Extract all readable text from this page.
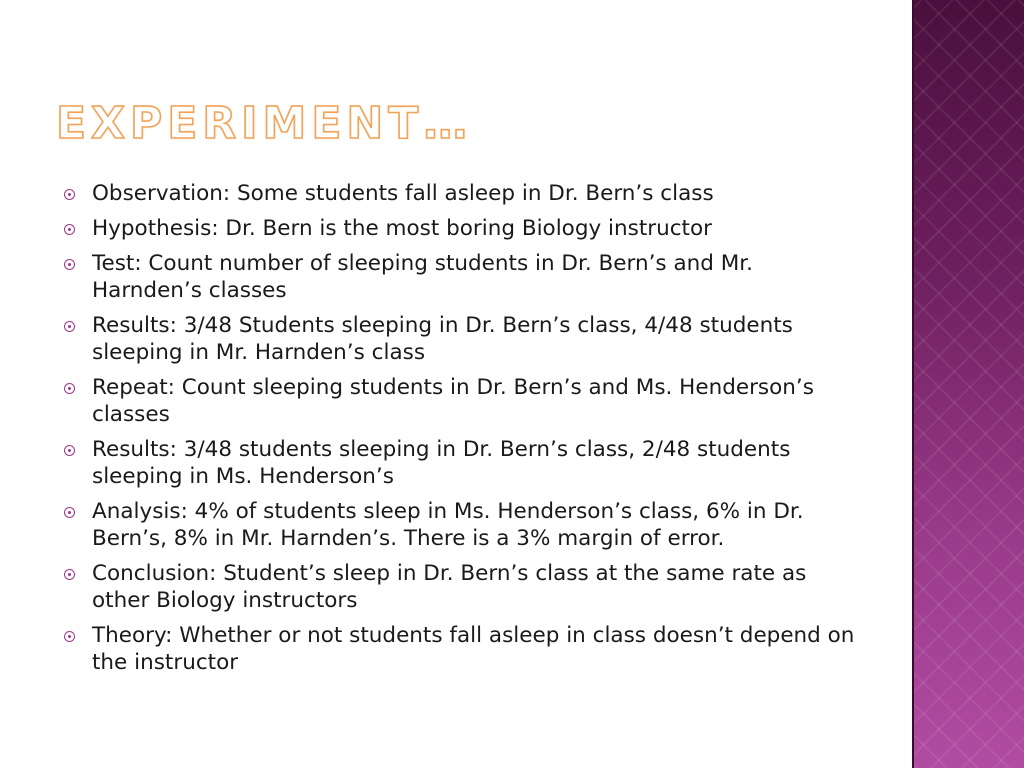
EXPERIMENT…
Observation: Some students fall asleep in Dr. Bern’s class
Hypothesis: Dr. Bern is the most boring Biology instructor
Test: Count number of sleeping students in Dr. Bern’s and Mr. Harnden’s classes
Results: 3/48 Students sleeping in Dr. Bern’s class, 4/48 students sleeping in Mr. Harnden’s class
Repeat: Count sleeping students in Dr. Bern’s and Ms. Henderson’s classes
Results: 3/48 students sleeping in Dr. Bern’s class, 2/48 students sleeping in Ms. Henderson’s
Analysis: 4% of students sleep in Ms. Henderson’s class, 6% in Dr. Bern’s, 8% in Mr. Harnden’s. There is a 3% margin of error.
Conclusion: Student’s sleep in Dr. Bern’s class at the same rate as other Biology instructors
Theory: Whether or not students fall asleep in class doesn’t depend on the instructor
